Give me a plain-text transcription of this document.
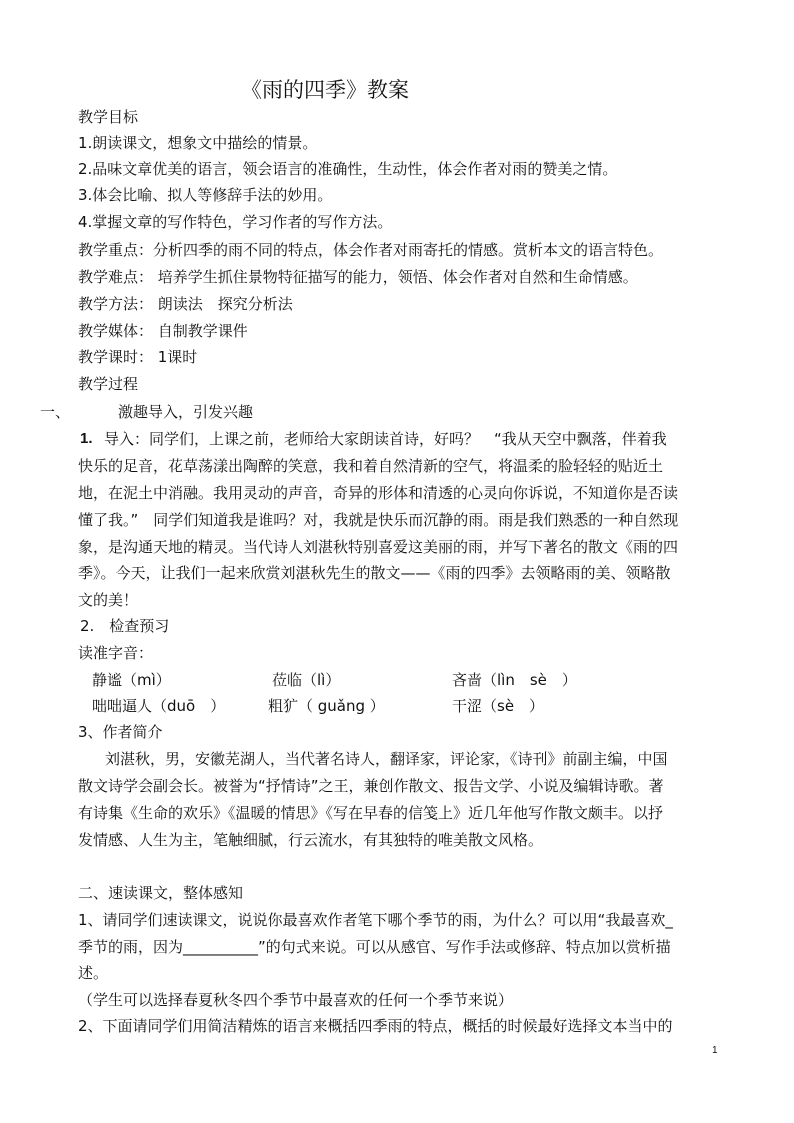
《雨的四季》教案
教学目标
1.朗读课文，想象文中描绘的情景。
2.品味文章优美的语言，领会语言的准确性，生动性，体会作者对雨的赞美之情。
3.体会比喻、拟人等修辞手法的妙用。
4.掌握文章的写作特色，学习作者的写作方法。
教学重点：分析四季的雨不同的特点，体会作者对雨寄托的情感。赏析本文的语言特色。
教学难点： 培养学生抓住景物特征描写的能力，领悟、体会作者对自然和生命情感。
教学方法： 朗读法　探究分析法
教学媒体： 自制教学课件
教学课时： 1课时
教学过程
一、	激趣导入，引发兴趣
1. 导入：同学们，上课之前，老师给大家朗读首诗，好吗？　“我从天空中飘落，伴着我
快乐的足音，花草荡漾出陶醉的笑意，我和着自然清新的空气，将温柔的脸轻轻的贴近土
地，在泥土中消融。我用灵动的声音，奇异的形体和清透的心灵向你诉说，不知道你是否读
懂了我。”　同学们知道我是谁吗？对，我就是快乐而沉静的雨。雨是我们熟悉的一种自然现
象，是沟通天地的精灵。当代诗人刘湛秋特别喜爱这美丽的雨，并写下著名的散文《雨的四
季》。今天，让我们一起来欣赏刘湛秋先生的散文——《雨的四季》去领略雨的美、领略散
文的美！
2.　检查预习
读准字音：
静谧（mì）	莅临（lì）	吝啬（lìn　sè　）
咄咄逼人（duō　）	粗犷（ guǎng ）	干涩（sè　）
3、作者简介
　刘湛秋，男，安徽芜湖人，当代著名诗人，翻译家，评论家，《诗刊》前副主编，中国
散文诗学会副会长。被誉为“抒情诗”之王，兼创作散文、报告文学、小说及编辑诗歌。著
有诗集《生命的欢乐》《温暖的情思》《写在早春的信笺上》近几年他写作散文颇丰。以抒
发情感、人生为主，笔触细腻，行云流水，有其独特的唯美散文风格。
二、速读课文，整体感知
1、请同学们速读课文，说说你最喜欢作者笔下哪个季节的雨，为什么？可以用“我最喜欢_
季节的雨，因为__________”的句式来说。可以从感官、写作手法或修辞、特点加以赏析描
述。
（学生可以选择春夏秋冬四个季节中最喜欢的任何一个季节来说）
2、下面请同学们用简洁精炼的语言来概括四季雨的特点，概括的时候最好选择文本当中的
1
